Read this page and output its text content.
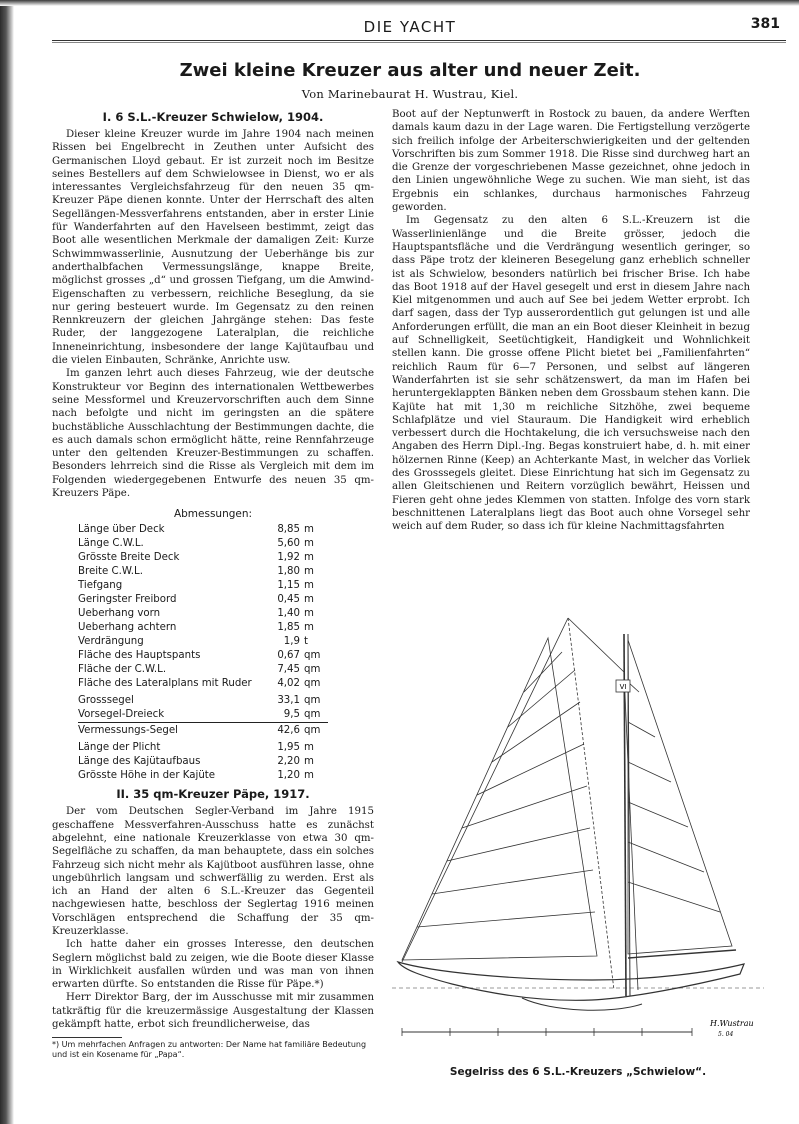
DIE YACHT	381
Zwei kleine Kreuzer aus alter und neuer Zeit.
Von Marinebaurat H. Wustrau, Kiel.
I. 6 S.L.-Kreuzer Schwielow, 1904.

Dieser kleine Kreuzer wurde im Jahre 1904 nach meinen Rissen bei Engelbrecht in Zeuthen unter Aufsicht des Germanischen Lloyd gebaut. Er ist zurzeit noch im Besitze seines Bestellers auf dem Schwielowsee in Dienst, wo er als interessantes Vergleichsfahrzeug für den neuen 35 qm-Kreuzer Päpe dienen konnte. Unter der Herrschaft des alten Segellängen-Messverfahrens entstanden, aber in erster Linie für Wanderfahrten auf den Havelseen bestimmt, zeigt das Boot alle wesentlichen Merkmale der damaligen Zeit: Kurze Schwimmwasserlinie, Ausnutzung der Ueberhänge bis zur anderthalbfachen Vermessungslänge, knappe Breite, möglichst grosses „d“ und grossen Tiefgang, um die Amwind-Eigenschaften zu verbessern, reichliche Beseglung, da sie nur gering besteuert wurde. Im Gegensatz zu den reinen Rennkreuzern der gleichen Jahrgänge stehen: Das feste Ruder, der langgezogene Lateralplan, die reichliche Inneneinrichtung, insbesondere der lange Kajütaufbau und die vielen Einbauten, Schränke, Anrichte usw.

Im ganzen lehrt auch dieses Fahrzeug, wie der deutsche Konstrukteur vor Beginn des internationalen Wettbewerbes seine Messformel und Kreuzervorschriften auch dem Sinne nach befolgte und nicht im geringsten an die spätere buchstäbliche Ausschlachtung der Bestimmungen dachte, die es auch damals schon ermöglicht hätte, reine Rennfahrzeuge unter den geltenden Kreuzer-Bestimmungen zu schaffen. Besonders lehrreich sind die Risse als Vergleich mit dem im Folgenden wiedergegebenen Entwurfe des neuen 35 qm-Kreuzers Päpe.

Abmessungen:
Länge über Deck	8,85	m
Länge C.W.L.	5,60	m
Grösste Breite Deck	1,92	m
Breite C.W.L.	1,80	m
Tiefgang	1,15	m
Geringster Freibord	0,45	m
Ueberhang vorn	1,40	m
Ueberhang achtern	1,85	m
Verdrängung	1,9	t
Fläche des Hauptspants	0,67	qm
Fläche der C.W.L.	7,45	qm
Fläche des Lateralplans mit Ruder	4,02	qm
Grosssegel	33,1	qm
Vorsegel-Dreieck	9,5	qm
Vermessungs-Segel	42,6	qm
Länge der Plicht	1,95	m
Länge des Kajütaufbaus	2,20	m
Grösste Höhe in der Kajüte	1,20	m
II. 35 qm-Kreuzer Päpe, 1917.

Der vom Deutschen Segler-Verband im Jahre 1915 geschaffene Messverfahren-Ausschuss hatte es zunächst abgelehnt, eine nationale Kreuzerklasse von etwa 30 qm-Segelfläche zu schaffen, da man behauptete, dass ein solches Fahrzeug sich nicht mehr als Kajütboot ausführen lasse, ohne ungebührlich langsam und schwerfällig zu werden. Erst als ich an Hand der alten 6 S.L.-Kreuzer das Gegenteil nachgewiesen hatte, beschloss der Seglertag 1916 meinen Vorschlägen entsprechend die Schaffung der 35 qm-Kreuzerklasse.

Ich hatte daher ein grosses Interesse, den deutschen Seglern möglichst bald zu zeigen, wie die Boote dieser Klasse in Wirklichkeit ausfallen würden und was man von ihnen erwarten dürfte. So entstanden die Risse für Päpe.*)

Herr Direktor Barg, der im Ausschusse mit mir zusammen tatkräftig für die kreuzermässige Ausgestaltung der Klassen gekämpft hatte, erbot sich freundlicherweise, das

*) Um mehrfachen Anfragen zu antworten: Der Name hat familiäre Bedeutung und ist ein Kosename für „Papa“.

Boot auf der Neptunwerft in Rostock zu bauen, da andere Werften damals kaum dazu in der Lage waren. Die Fertigstellung verzögerte sich freilich infolge der Arbeiterschwierigkeiten und der geltenden Vorschriften bis zum Sommer 1918. Die Risse sind durchweg hart an die Grenze der vorgeschriebenen Masse gezeichnet, ohne jedoch in den Linien ungewöhnliche Wege zu suchen. Wie man sieht, ist das Ergebnis ein schlankes, durchaus harmonisches Fahrzeug geworden.

Im Gegensatz zu den alten 6 S.L.-Kreuzern ist die Wasserlinienlänge und die Breite grösser, jedoch die Hauptspantsfläche und die Verdrängung wesentlich geringer, so dass Päpe trotz der kleineren Besegelung ganz erheblich schneller ist als Schwielow, besonders natürlich bei frischer Brise. Ich habe das Boot 1918 auf der Havel gesegelt und erst in diesem Jahre nach Kiel mitgenommen und auch auf See bei jedem Wetter erprobt. Ich darf sagen, dass der Typ ausserordentlich gut gelungen ist und alle Anforderungen erfüllt, die man an ein Boot dieser Kleinheit in bezug auf Schnelligkeit, Seetüchtigkeit, Handigkeit und Wohnlichkeit stellen kann. Die grosse offene Plicht bietet bei „Familienfahrten“ reichlich Raum für 6—7 Personen, und selbst auf längeren Wanderfahrten ist sie sehr schätzenswert, da man im Hafen bei heruntergeklappten Bänken neben dem Grossbaum stehen kann. Die Kajüte hat mit 1,30 m reichliche Sitzhöhe, zwei bequeme Schlafplätze und viel Stauraum. Die Handigkeit wird erheblich verbessert durch die Hochtakelung, die ich versuchsweise nach den Angaben des Herrn Dipl.-Ing. Begas konstruiert habe, d. h. mit einer hölzernen Rinne (Keep) an Achterkante Mast, in welcher das Vorliek des Grosssegels gleitet. Diese Einrichtung hat sich im Gegensatz zu allen Gleitschienen und Reitern vorzüglich bewährt, Heissen und Fieren geht ohne jedes Klemmen von statten. Infolge des vorn stark beschnittenen Lateralplans liegt das Boot auch ohne Vorsegel sehr weich auf dem Ruder, so dass ich für kleine Nachmittagsfahrten

VI
H.Wustrau
5. 04
Segelriss des 6 S.L.-Kreuzers „Schwielow“.
